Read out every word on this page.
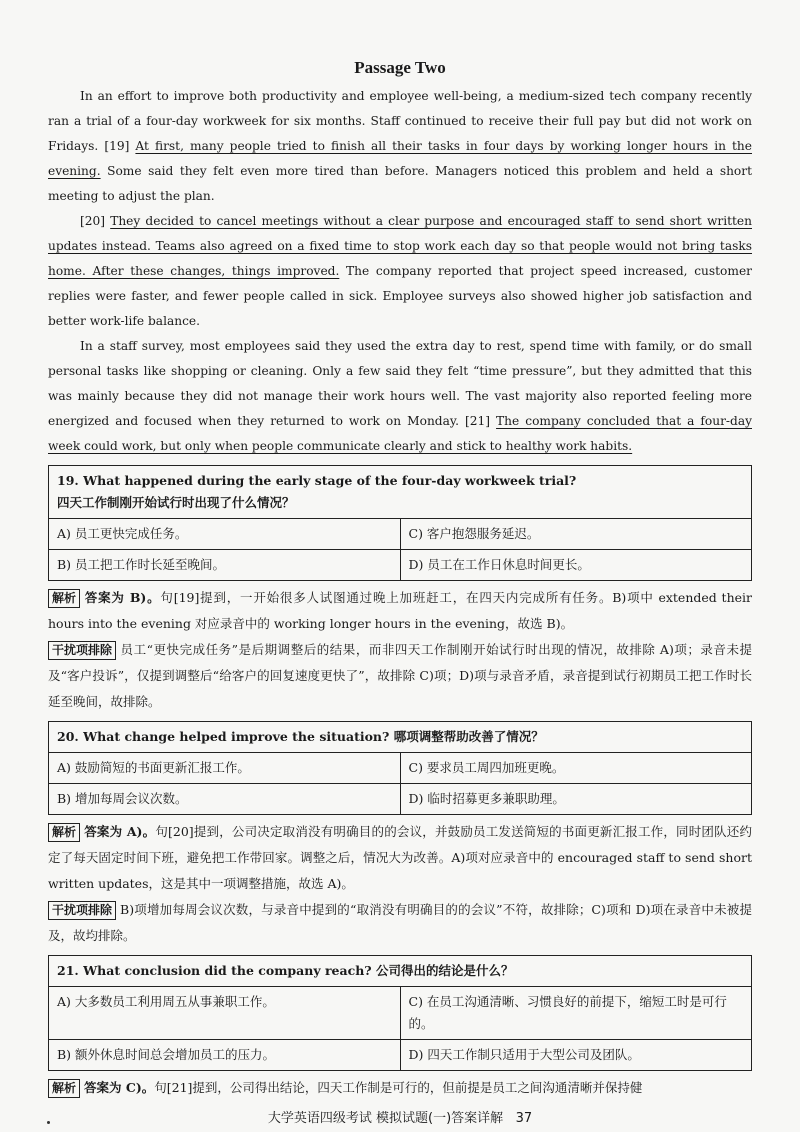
Passage Two

In an effort to improve both productivity and employee well-being, a medium-sized tech company recently ran a trial of a four-day workweek for six months. Staff continued to receive their full pay but did not work on Fridays. [19] At first, many people tried to finish all their tasks in four days by working longer hours in the evening. Some said they felt even more tired than before. Managers noticed this problem and held a short meeting to adjust the plan.

[20] They decided to cancel meetings without a clear purpose and encouraged staff to send short written updates instead. Teams also agreed on a fixed time to stop work each day so that people would not bring tasks home. After these changes, things improved. The company reported that project speed increased, customer replies were faster, and fewer people called in sick. Employee surveys also showed higher job satisfaction and better work-life balance.

In a staff survey, most employees said they used the extra day to rest, spend time with family, or do small personal tasks like shopping or cleaning. Only a few said they felt “time pressure”, but they admitted that this was mainly because they did not manage their work hours well. The vast majority also reported feeling more energized and focused when they returned to work on Monday. [21] The company concluded that a four-day week could work, but only when people communicate clearly and stick to healthy work habits.

19. What happened during the early stage of the four-day workweek trial?
四天工作制刚开始试行时出现了什么情况？	

A) 员工更快完成任务。	C) 客户抱怨服务延迟。
B) 员工把工作时长延至晚间。	D) 员工在工作日休息时间更长。

解析 答案为 B)。句[19]提到，一开始很多人试图通过晚上加班赶工，在四天内完成所有任务。B)项中 extended their hours into the evening 对应录音中的 working longer hours in the evening，故选 B)。

干扰项排除 员工“更快完成任务”是后期调整后的结果，而非四天工作制刚开始试行时出现的情况，故排除 A)项；录音未提及“客户投诉”，仅提到调整后“给客户的回复速度更快了”，故排除 C)项；D)项与录音矛盾，录音提到试行初期员工把工作时长延至晚间，故排除。

20. What change helped improve the situation? 哪项调整帮助改善了情况？	
A) 鼓励简短的书面更新汇报工作。	C) 要求员工周四加班更晚。
B) 增加每周会议次数。	D) 临时招募更多兼职助理。

解析 答案为 A)。句[20]提到，公司决定取消没有明确目的的会议，并鼓励员工发送简短的书面更新汇报工作，同时团队还约定了每天固定时间下班，避免把工作带回家。调整之后，情况大为改善。A)项对应录音中的 encouraged staff to send short written updates，这是其中一项调整措施，故选 A)。

干扰项排除 B)项增加每周会议次数，与录音中提到的“取消没有明确目的的会议”不符，故排除；C)项和 D)项在录音中未被提及，故均排除。

21. What conclusion did the company reach? 公司得出的结论是什么？	
A) 大多数员工利用周五从事兼职工作。	C) 在员工沟通清晰、习惯良好的前提下，缩短工时是可行的。
B) 额外休息时间总会增加员工的压力。	D) 四天工作制只适用于大型公司及团队。

解析 答案为 C)。句[21]提到，公司得出结论，四天工作制是可行的，但前提是员工之间沟通清晰并保持健

大学英语四级考试 模拟试题(一)答案详解 37
